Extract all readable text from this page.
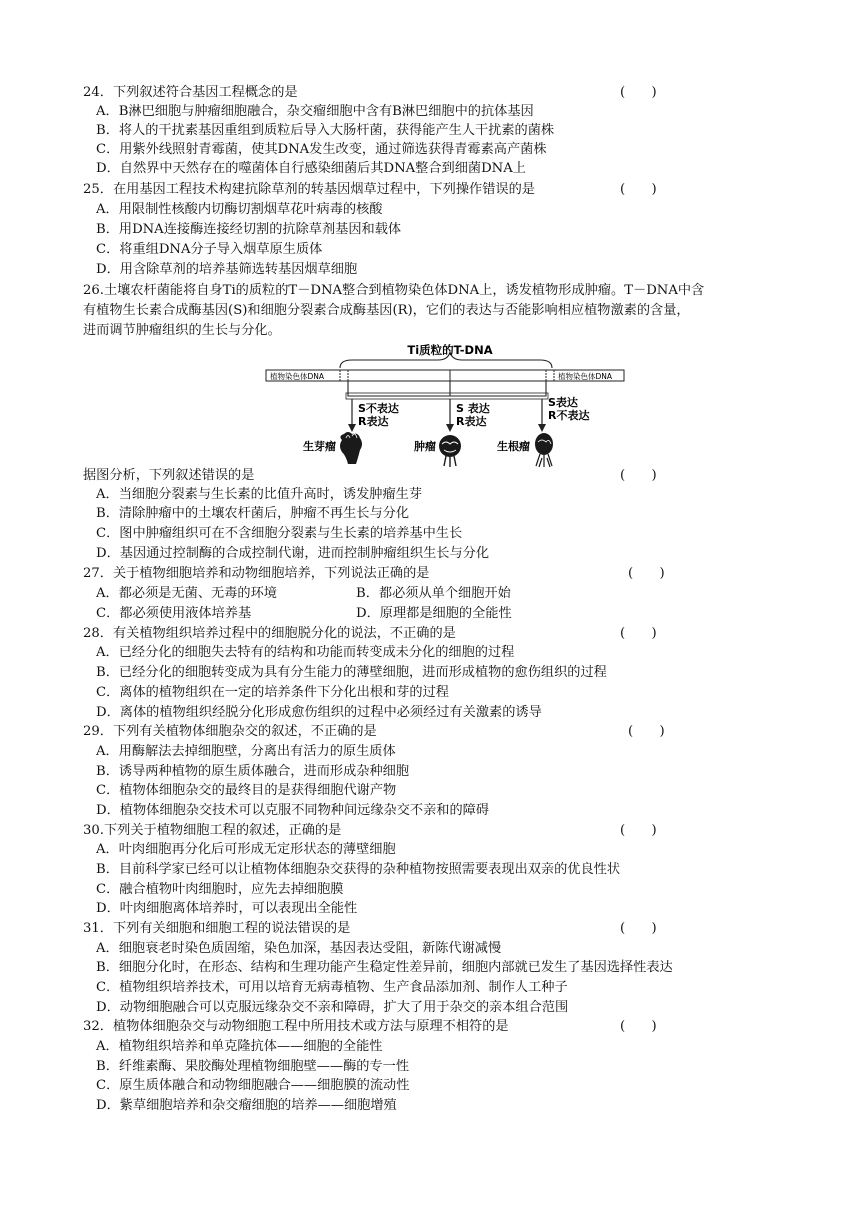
24．下列叙述符合基因工程概念的是	(　　)
A．B淋巴细胞与肿瘤细胞融合，杂交瘤细胞中含有B淋巴细胞中的抗体基因
B．将人的干扰素基因重组到质粒后导入大肠杆菌，获得能产生人干扰素的菌株
C．用紫外线照射青霉菌，使其DNA发生改变，通过筛选获得青霉素高产菌株
D．自然界中天然存在的噬菌体自行感染细菌后其DNA整合到细菌DNA上
25．在用基因工程技术构建抗除草剂的转基因烟草过程中，下列操作错误的是	(　　)
A．用限制性核酸内切酶切割烟草花叶病毒的核酸
B．用DNA连接酶连接经切割的抗除草剂基因和载体
C．将重组DNA分子导入烟草原生质体
D．用含除草剂的培养基筛选转基因烟草细胞
26.土壤农杆菌能将自身Ti的质粒的T－DNA整合到植物染色体DNA上，诱发植物形成肿瘤。T－DNA中含
有植物生长素合成酶基因(S)和细胞分裂素合成酶基因(R)，它们的表达与否能影响相应植物激素的含量，
进而调节肿瘤组织的生长与分化。
Ti质粒的T-DNA
植物染色体DNA	植物染色体DNA
S不表达
R表达
S 表达
R表达
S表达
R不表达
生芽瘤	肿瘤	生根瘤
据图分析，下列叙述错误的是	(　　)
A．当细胞分裂素与生长素的比值升高时，诱发肿瘤生芽
B．清除肿瘤中的土壤农杆菌后，肿瘤不再生长与分化
C．图中肿瘤组织可在不含细胞分裂素与生长素的培养基中生长
D．基因通过控制酶的合成控制代谢，进而控制肿瘤组织生长与分化
27．关于植物细胞培养和动物细胞培养，下列说法正确的是	(　　)
A．都必须是无菌、无毒的环境	B．都必须从单个细胞开始
C．都必须使用液体培养基	D．原理都是细胞的全能性
28．有关植物组织培养过程中的细胞脱分化的说法，不正确的是	(　　)
A．已经分化的细胞失去特有的结构和功能而转变成未分化的细胞的过程
B．已经分化的细胞转变成为具有分生能力的薄壁细胞，进而形成植物的愈伤组织的过程
C．离体的植物组织在一定的培养条件下分化出根和芽的过程
D．离体的植物组织经脱分化形成愈伤组织的过程中必须经过有关激素的诱导
29．下列有关植物体细胞杂交的叙述，不正确的是	(　　)
A．用酶解法去掉细胞壁，分离出有活力的原生质体
B．诱导两种植物的原生质体融合，进而形成杂种细胞
C．植物体细胞杂交的最终目的是获得细胞代谢产物
D．植物体细胞杂交技术可以克服不同物种间远缘杂交不亲和的障碍
30.下列关于植物细胞工程的叙述，正确的是	(　　)
A．叶肉细胞再分化后可形成无定形状态的薄壁细胞
B．目前科学家已经可以让植物体细胞杂交获得的杂种植物按照需要表现出双亲的优良性状
C．融合植物叶肉细胞时，应先去掉细胞膜
D．叶肉细胞离体培养时，可以表现出全能性
31．下列有关细胞和细胞工程的说法错误的是	(　　)
A．细胞衰老时染色质固缩，染色加深，基因表达受阻，新陈代谢减慢
B．细胞分化时，在形态、结构和生理功能产生稳定性差异前，细胞内部就已发生了基因选择性表达
C．植物组织培养技术，可用以培育无病毒植物、生产食品添加剂、制作人工种子
D．动物细胞融合可以克服远缘杂交不亲和障碍，扩大了用于杂交的亲本组合范围
32．植物体细胞杂交与动物细胞工程中所用技术或方法与原理不相符的是	(　　)
A．植物组织培养和单克隆抗体——细胞的全能性
B．纤维素酶、果胶酶处理植物细胞壁——酶的专一性
C．原生质体融合和动物细胞融合——细胞膜的流动性
D．紫草细胞培养和杂交瘤细胞的培养——细胞增殖
